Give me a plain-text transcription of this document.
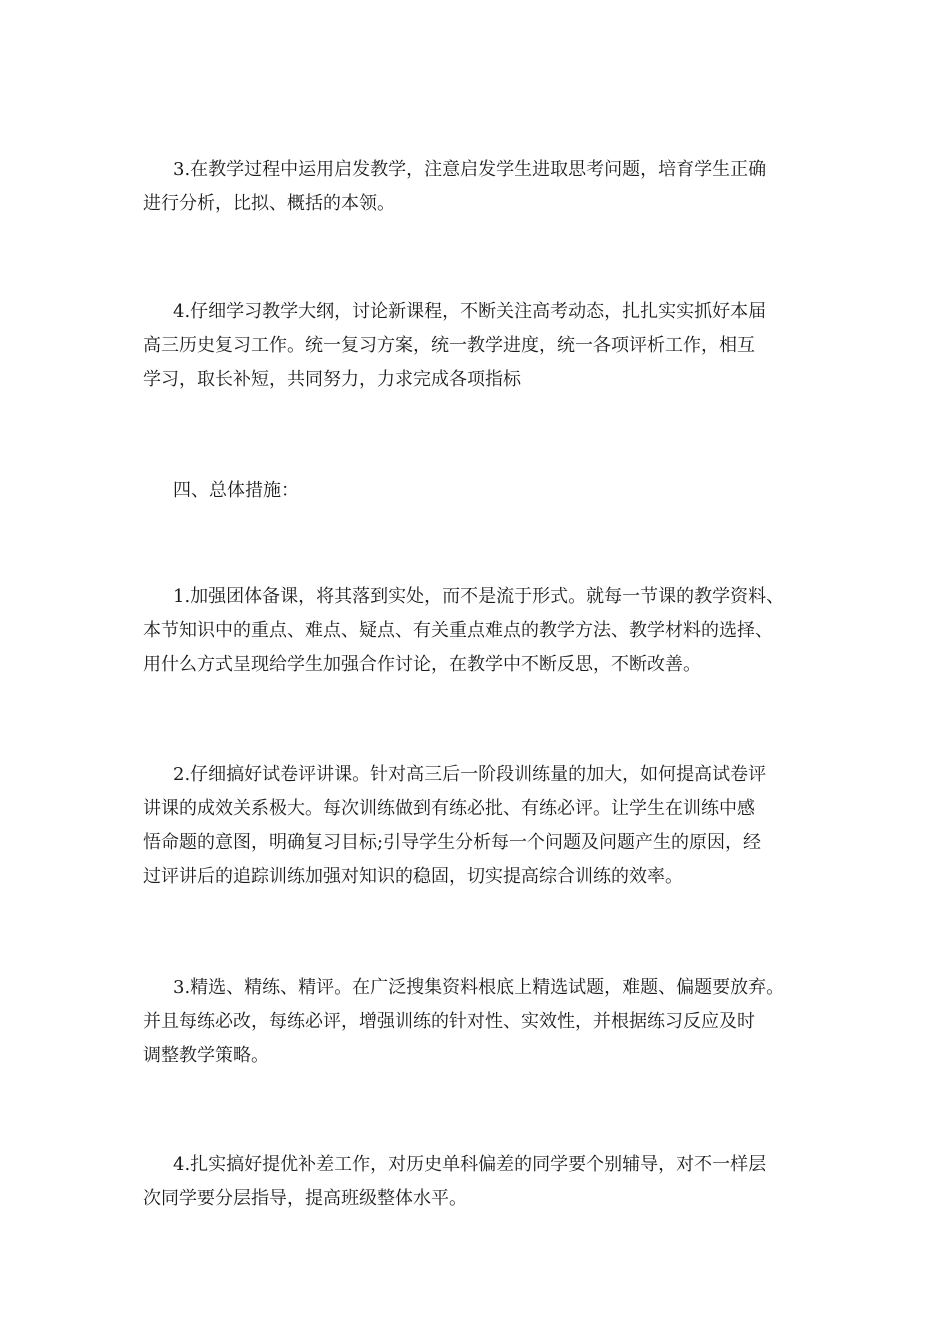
3.在教学过程中运用启发教学，注意启发学生进取思考问题，培育学生正确
进行分析，比拟、概括的本领。
4.仔细学习教学大纲，讨论新课程，不断关注高考动态，扎扎实实抓好本届
高三历史复习工作。统一复习方案，统一教学进度，统一各项评析工作，相互
学习，取长补短，共同努力，力求完成各项指标
四、总体措施：
1.加强团体备课，将其落到实处，而不是流于形式。就每一节课的教学资料、
本节知识中的重点、难点、疑点、有关重点难点的教学方法、教学材料的选择、
用什么方式呈现给学生加强合作讨论，在教学中不断反思，不断改善。
2.仔细搞好试卷评讲课。针对高三后一阶段训练量的加大，如何提高试卷评
讲课的成效关系极大。每次训练做到有练必批、有练必评。让学生在训练中感
悟命题的意图，明确复习目标;引导学生分析每一个问题及问题产生的原因，经
过评讲后的追踪训练加强对知识的稳固，切实提高综合训练的效率。
3.精选、精练、精评。在广泛搜集资料根底上精选试题，难题、偏题要放弃。
并且每练必改，每练必评，增强训练的针对性、实效性，并根据练习反应及时
调整教学策略。
4.扎实搞好提优补差工作，对历史单科偏差的同学要个别辅导，对不一样层
次同学要分层指导，提高班级整体水平。
